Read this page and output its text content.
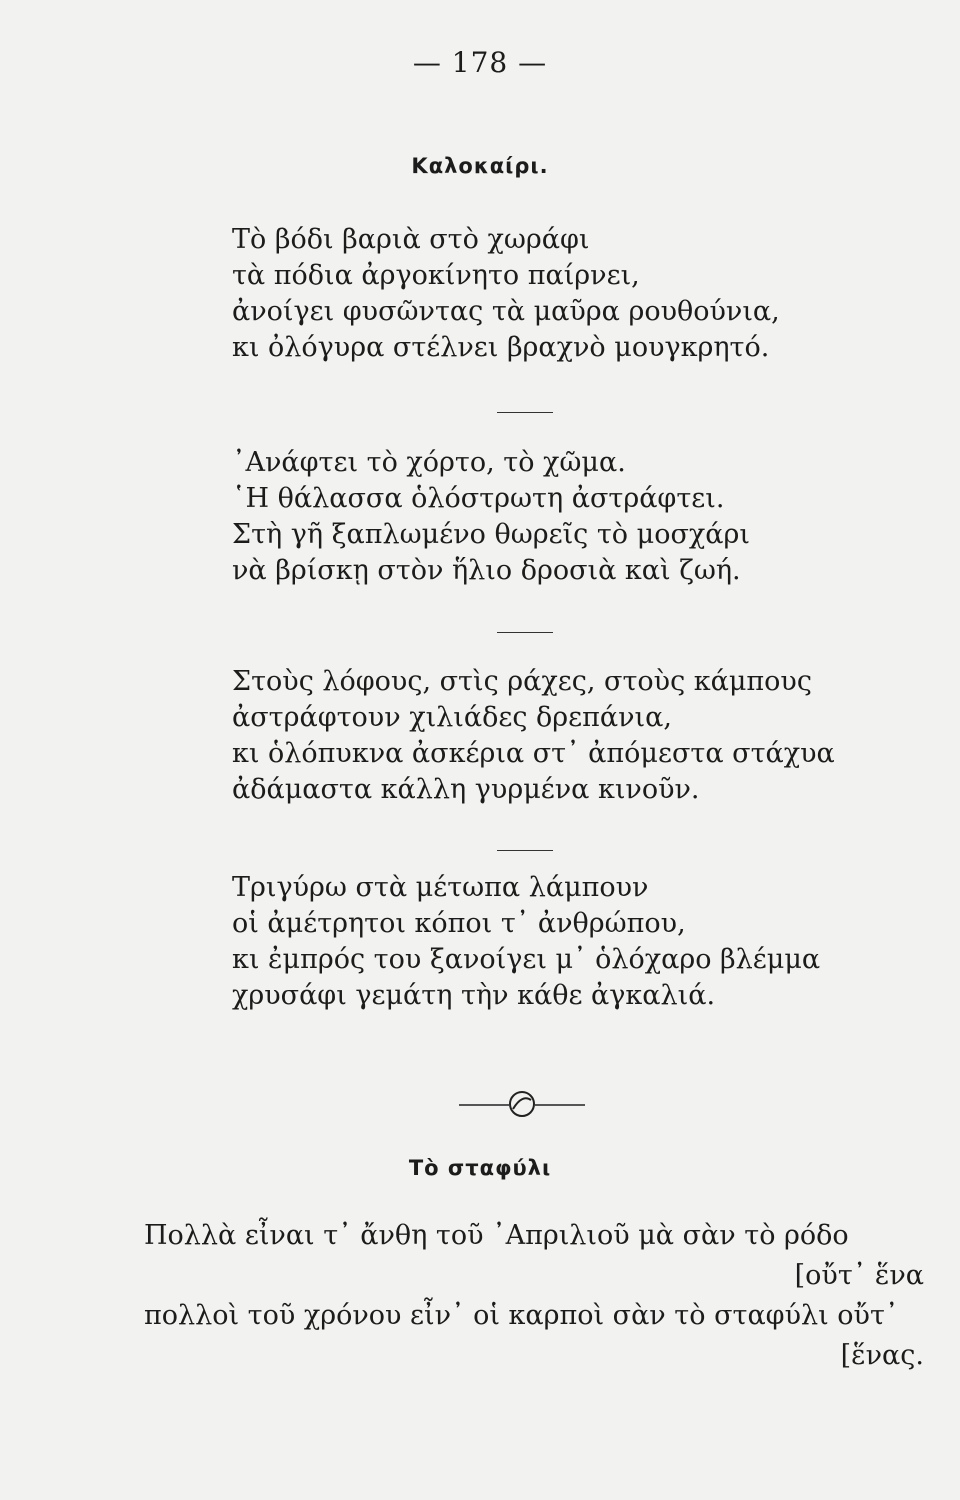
— 178 —
Καλοκαίρι.
Τὸ βόδι βαριὰ στὸ χωράφι
τὰ πόδια ἀργοκίνητο παίρνει,
ἀνοίγει φυσῶντας τὰ μαῦρα ρουθούνια,
κι ὀλόγυρα στέλνει βραχνὸ μουγκρητό.
᾽Ανάφτει τὸ χόρτο, τὸ χῶμα.
῾Η θάλασσα ὁλόστρωτη ἀστράφτει.
Στὴ γῆ ξαπλωμένο θωρεῖς τὸ μοσχάρι
νὰ βρίσκῃ στὸν ἥλιο δροσιὰ καὶ ζωή.
Στοὺς λόφους, στὶς ράχες, στοὺς κάμπους
ἀστράφτουν χιλιάδες δρεπάνια,
κι ὁλόπυκνα ἀσκέρια στ᾽ ἀπόμεστα στάχυα
ἀδάμαστα κάλλη γυρμένα κινοῦν.
Τριγύρω στὰ μέτωπα λάμπουν
οἱ ἀμέτρητοι κόποι τ᾽ ἀνθρώπου,
κι ἐμπρός του ξανοίγει μ᾽ ὁλόχαρο βλέμμα
χρυσάφι γεμάτη τὴν κάθε ἀγκαλιά.
Τὸ σταφύλι
Πολλὰ εἶναι τ᾽ ἄνθη τοῦ ᾽Απριλιοῦ μὰ σὰν τὸ ρόδο
[οὔτ᾽ ἕνα
πολλοὶ τοῦ χρόνου εἶν᾽ οἱ καρποὶ σὰν τὸ σταφύλι οὔτ᾽
[ἕνας.
